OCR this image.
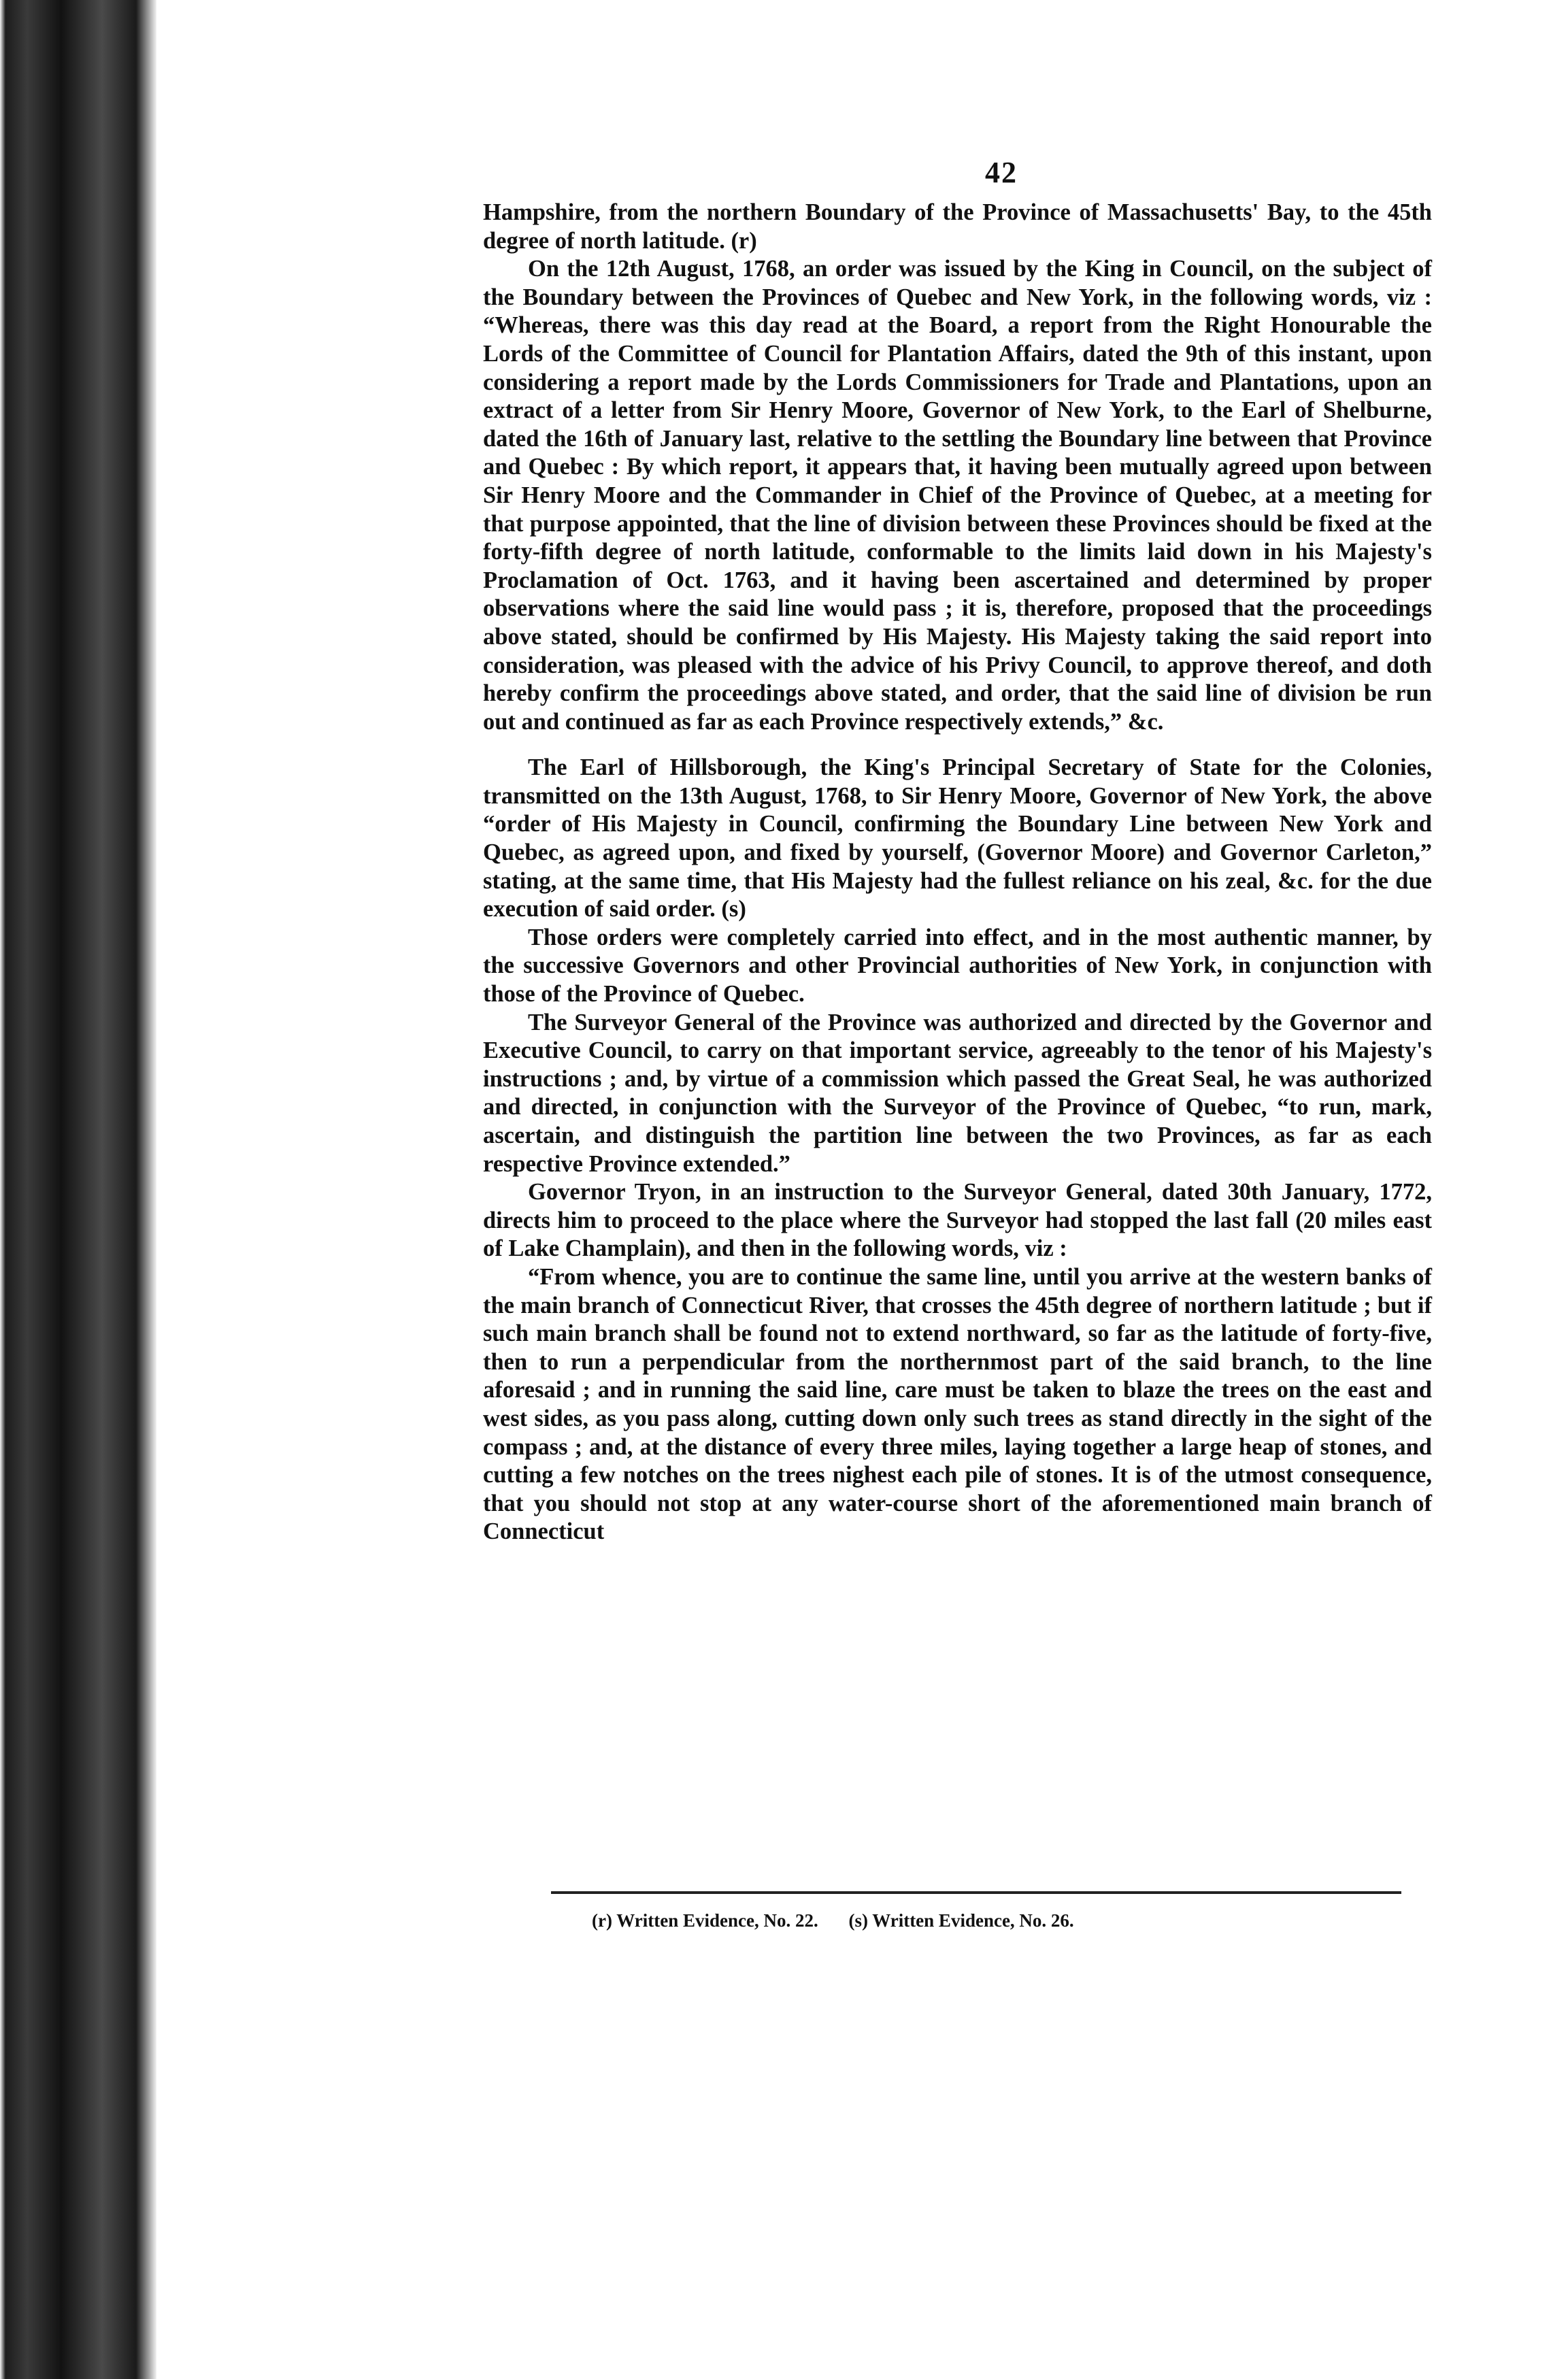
42

Hampshire, from the northern Boundary of the Province of Massachusetts' Bay, to the 45th degree of north latitude. (r)

On the 12th August, 1768, an order was issued by the King in Council, on the subject of the Boundary between the Provinces of Quebec and New York, in the following words, viz : “Whereas, there was this day read at the Board, a report from the Right Honourable the Lords of the Committee of Council for Plantation Affairs, dated the 9th of this instant, upon considering a report made by the Lords Commissioners for Trade and Plantations, upon an extract of a letter from Sir Henry Moore, Governor of New York, to the Earl of Shelburne, dated the 16th of January last, relative to the settling the Boundary line between that Province and Quebec : By which report, it appears that, it having been mutually agreed upon between Sir Henry Moore and the Commander in Chief of the Province of Quebec, at a meeting for that purpose appointed, that the line of division between these Provinces should be fixed at the forty-fifth degree of north latitude, conformable to the limits laid down in his Majesty's Proclamation of Oct. 1763, and it having been ascertained and determined by proper observations where the said line would pass ; it is, therefore, proposed that the proceedings above stated, should be confirmed by His Majesty. His Majesty taking the said report into consideration, was pleased with the advice of his Privy Council, to approve thereof, and doth hereby confirm the proceedings above stated, and order, that the said line of division be run out and continued as far as each Province respectively extends,” &c.

The Earl of Hillsborough, the King's Principal Secretary of State for the Colonies, transmitted on the 13th August, 1768, to Sir Henry Moore, Governor of New York, the above “order of His Majesty in Council, confirming the Boundary Line between New York and Quebec, as agreed upon, and fixed by yourself, (Governor Moore) and Governor Carleton,” stating, at the same time, that His Majesty had the fullest reliance on his zeal, &c. for the due execution of said order. (s)

Those orders were completely carried into effect, and in the most authentic manner, by the successive Governors and other Provincial authorities of New York, in conjunction with those of the Province of Quebec.

The Surveyor General of the Province was authorized and directed by the Governor and Executive Council, to carry on that important service, agreeably to the tenor of his Majesty's instructions ; and, by virtue of a commission which passed the Great Seal, he was authorized and directed, in conjunction with the Surveyor of the Province of Quebec, “to run, mark, ascertain, and distinguish the partition line between the two Provinces, as far as each respective Province extended.”

Governor Tryon, in an instruction to the Surveyor General, dated 30th January, 1772, directs him to proceed to the place where the Surveyor had stopped the last fall (20 miles east of Lake Champlain), and then in the following words, viz :

“From whence, you are to continue the same line, until you arrive at the western banks of the main branch of Connecticut River, that crosses the 45th degree of northern latitude ; but if such main branch shall be found not to extend northward, so far as the latitude of forty-five, then to run a perpendicular from the northernmost part of the said branch, to the line aforesaid ; and in running the said line, care must be taken to blaze the trees on the east and west sides, as you pass along, cutting down only such trees as stand directly in the sight of the compass ; and, at the distance of every three miles, laying together a large heap of stones, and cutting a few notches on the trees nighest each pile of stones. It is of the utmost consequence, that you should not stop at any water-course short of the aforementioned main branch of Connecticut

(r) Written Evidence, No. 22. (s) Written Evidence, No. 26.
